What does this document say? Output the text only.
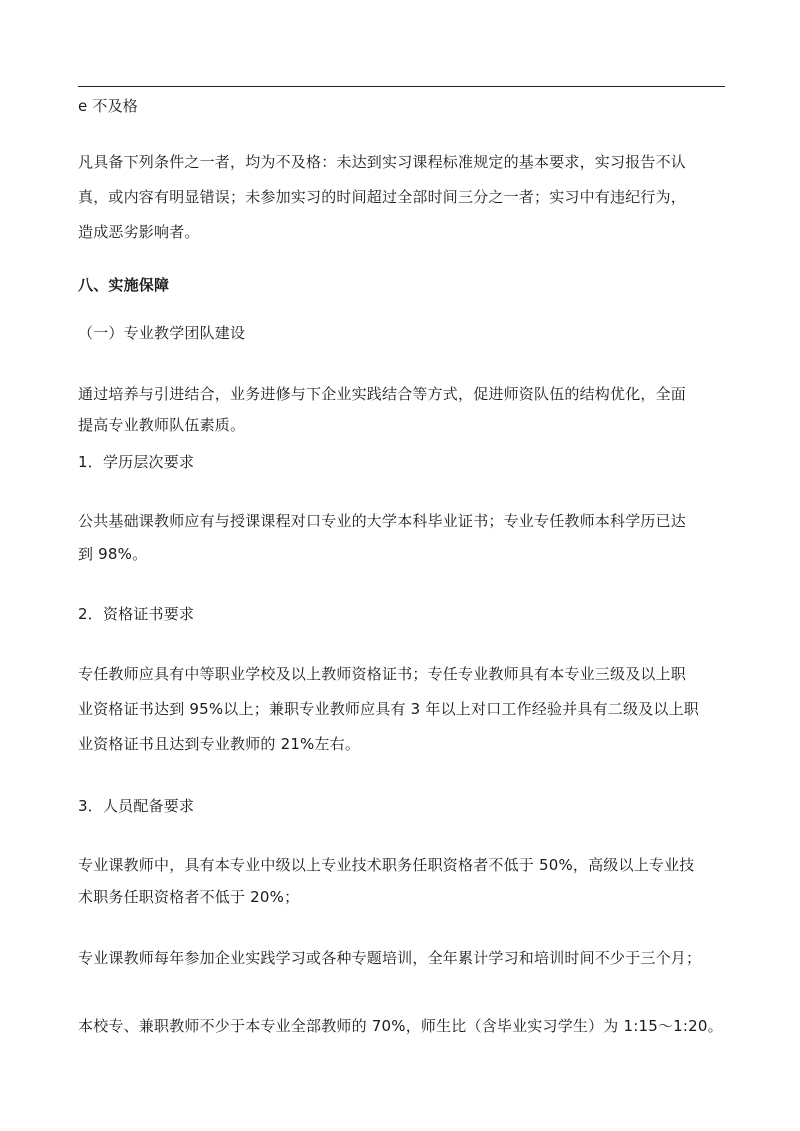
e 不及格
凡具备下列条件之一者，均为不及格：未达到实习课程标准规定的基本要求，实习报告不认
真，或内容有明显错误；未参加实习的时间超过全部时间三分之一者；实习中有违纪行为，
造成恶劣影响者。
八、实施保障
（一）专业教学团队建设
通过培养与引进结合，业务进修与下企业实践结合等方式，促进师资队伍的结构优化，全面
提高专业教师队伍素质。
1．学历层次要求
公共基础课教师应有与授课课程对口专业的大学本科毕业证书；专业专任教师本科学历已达
到 98%。
2．资格证书要求
专任教师应具有中等职业学校及以上教师资格证书；专任专业教师具有本专业三级及以上职
业资格证书达到 95%以上；兼职专业教师应具有 3 年以上对口工作经验并具有二级及以上职
业资格证书且达到专业教师的 21%左右。
3．人员配备要求
专业课教师中，具有本专业中级以上专业技术职务任职资格者不低于 50%，高级以上专业技
术职务任职资格者不低于 20%；
专业课教师每年参加企业实践学习或各种专题培训，全年累计学习和培训时间不少于三个月；
本校专、兼职教师不少于本专业全部教师的 70%，师生比（含毕业实习学生）为 1:15～1:20。
